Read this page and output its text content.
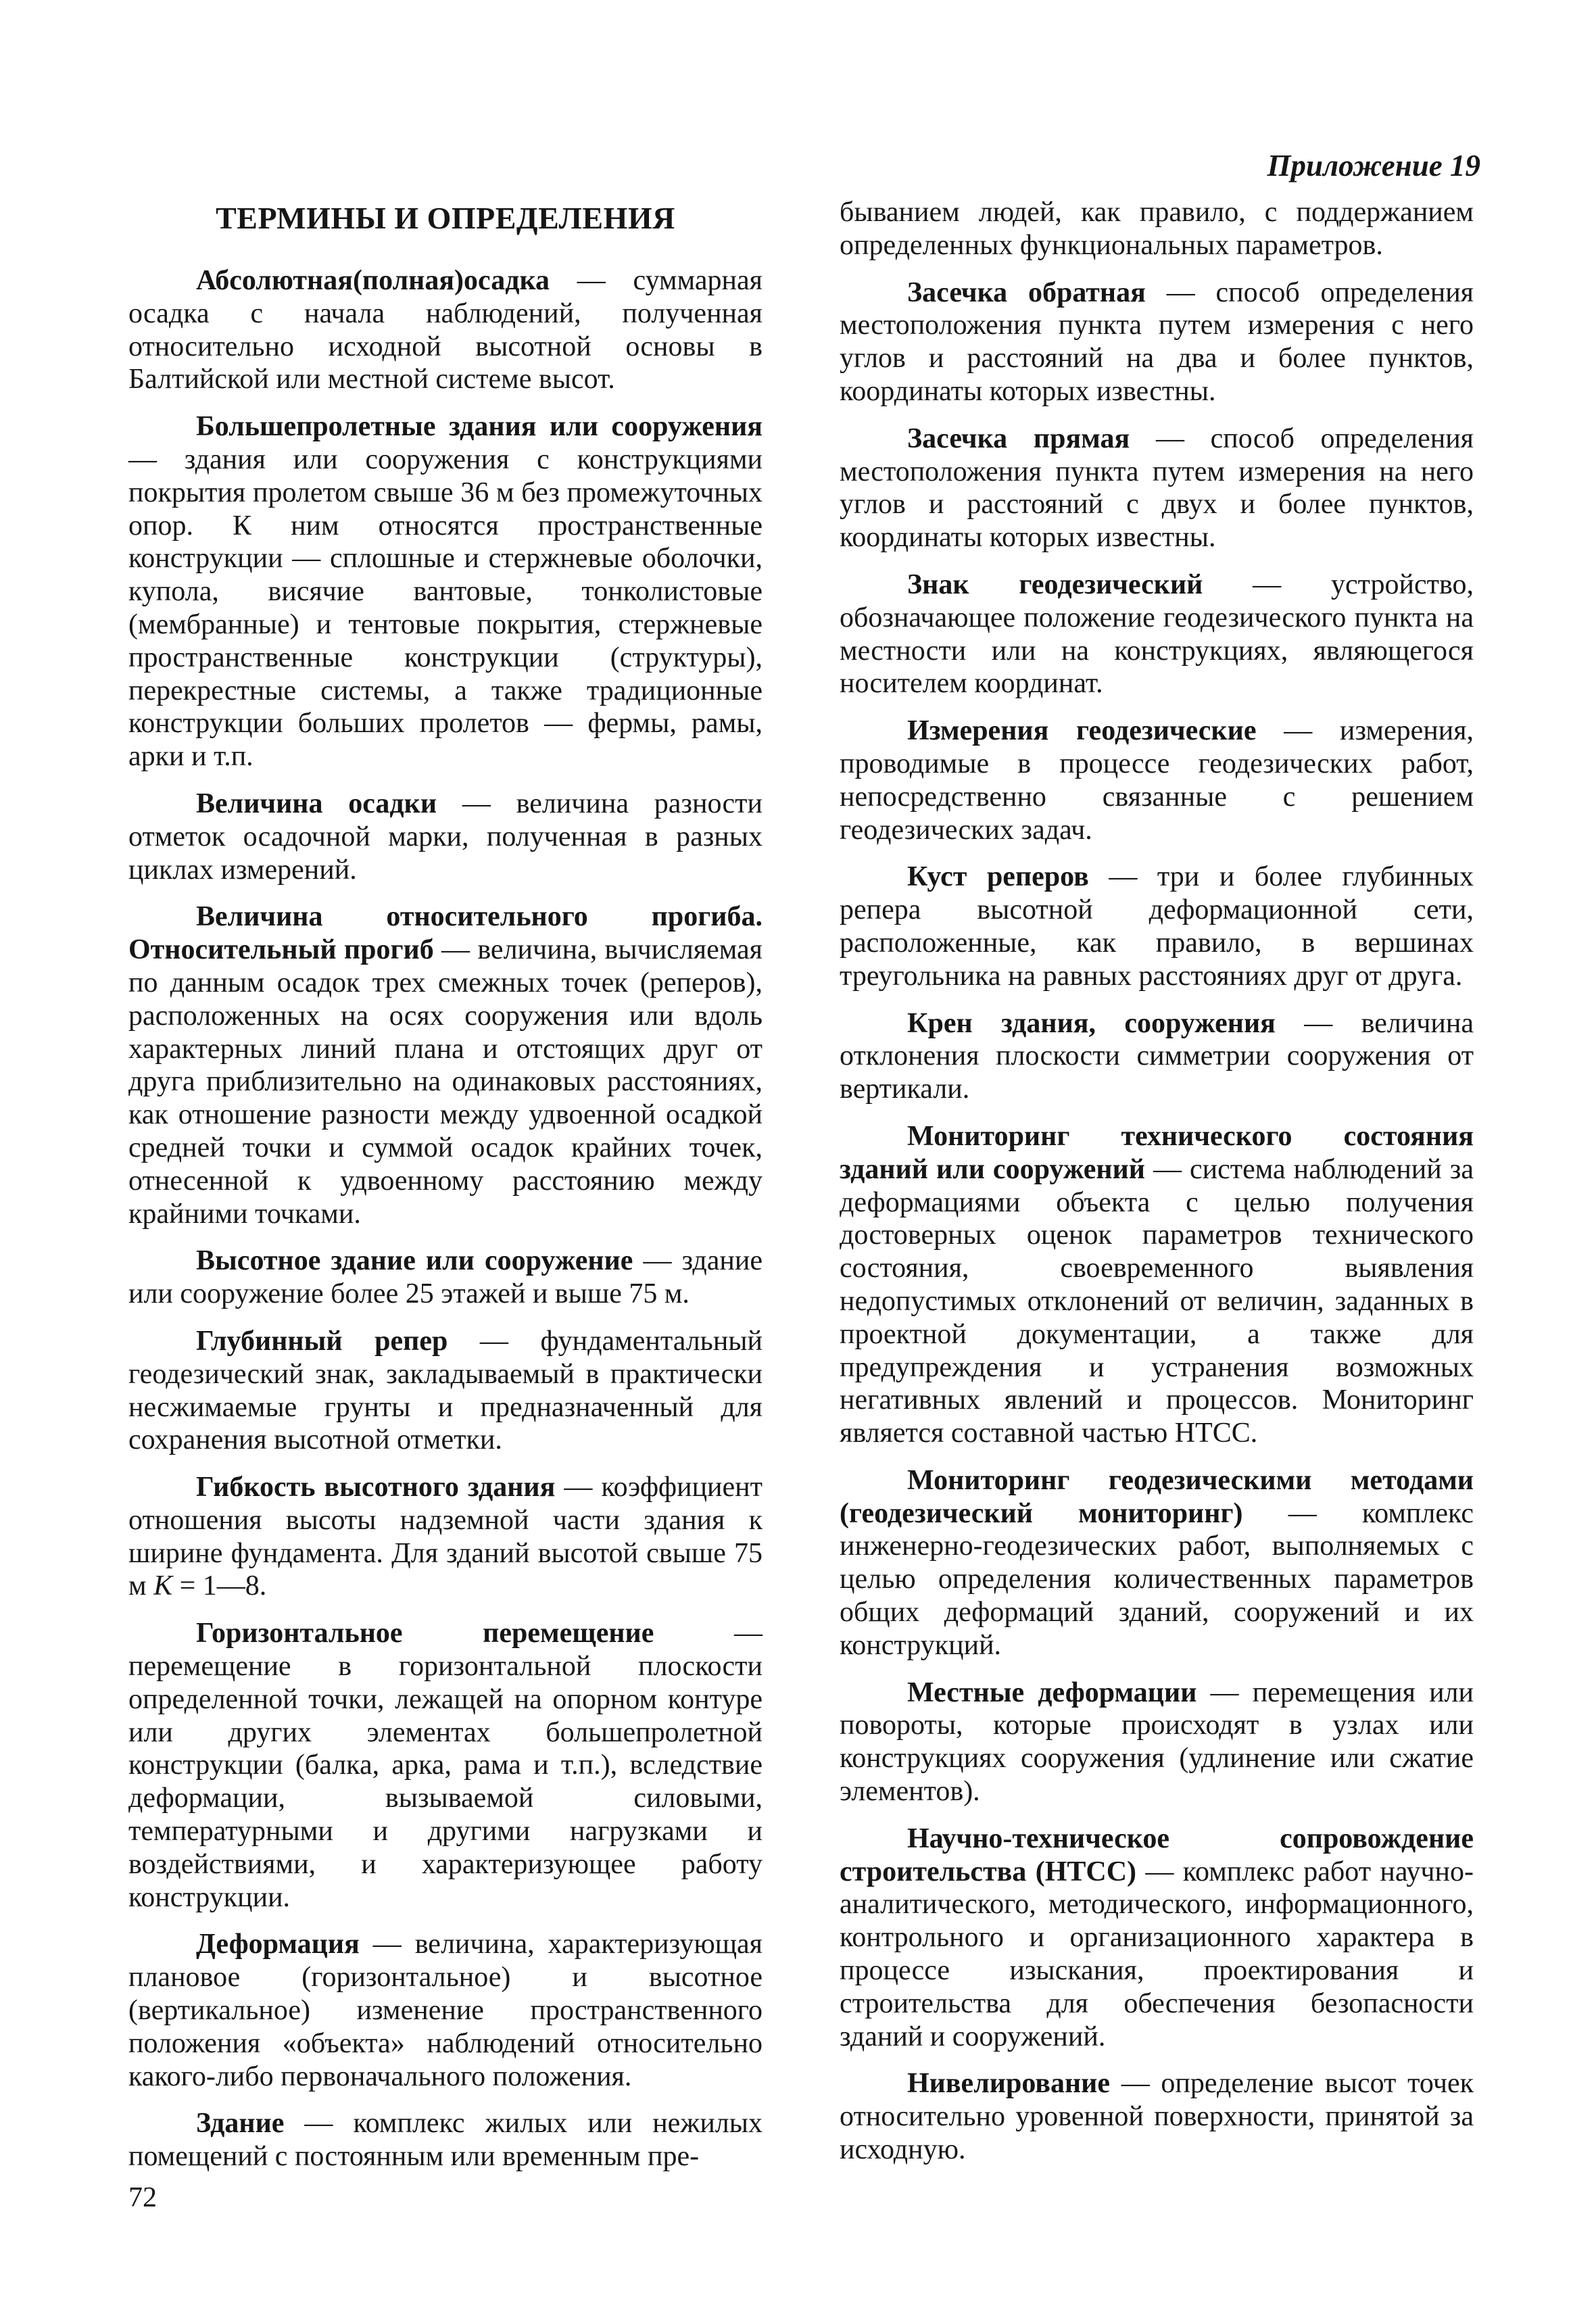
Приложение 19

ТЕРМИНЫ И ОПРЕДЕЛЕНИЯ

Абсолютная(полная)осадка — суммарная осадка с начала наблюдений, полученная относительно исходной высотной основы в Балтийской или местной системе высот.

Большепролетные здания или сооружения — здания или сооружения с конструкциями покрытия пролетом свыше 36 м без промежуточных опор. К ним относятся пространственные конструкции — сплошные и стержневые оболочки, купола, висячие вантовые, тонколистовые (мембранные) и тентовые покрытия, стержневые пространственные конструкции (структуры), перекрестные системы, а также традиционные конструкции больших пролетов — фермы, рамы, арки и т.п.

Величина осадки — величина разности отметок осадочной марки, полученная в разных циклах измерений.

Величина относительного прогиба. Относительный прогиб — величина, вычисляемая по данным осадок трех смежных точек (реперов), расположенных на осях сооружения или вдоль характерных линий плана и отстоящих друг от друга приблизительно на одинаковых расстояниях, как отношение разности между удвоенной осадкой средней точки и суммой осадок крайних точек, отнесенной к удвоенному расстоянию между крайними точками.

Высотное здание или сооружение — здание или сооружение более 25 этажей и выше 75 м.

Глубинный репер — фундаментальный геодезический знак, закладываемый в практически несжимаемые грунты и предназначенный для сохранения высотной отметки.

Гибкость высотного здания — коэффициент отношения высоты надземной части здания к ширине фундамента. Для зданий высотой свыше 75 м K = 1—8.

Горизонтальное перемещение — перемещение в горизонтальной плоскости определенной точки, лежащей на опорном контуре или других элементах большепролетной конструкции (балка, арка, рама и т.п.), вследствие деформации, вызываемой силовыми, температурными и другими нагрузками и воздействиями, и характеризующее работу конструкции.

Деформация — величина, характеризующая плановое (горизонтальное) и высотное (вертикальное) изменение пространственного положения «объекта» наблюдений относительно какого-либо первоначального положения.

Здание — комплекс жилых или нежилых помещений с постоянным или временным пре-

быванием людей, как правило, с поддержанием определенных функциональных параметров.

Засечка обратная — способ определения местоположения пункта путем измерения с него углов и расстояний на два и более пунктов, координаты которых известны.

Засечка прямая — способ определения местоположения пункта путем измерения на него углов и расстояний с двух и более пунктов, координаты которых известны.

Знак геодезический — устройство, обозначающее положение геодезического пункта на местности или на конструкциях, являющегося носителем координат.

Измерения геодезические — измерения, проводимые в процессе геодезических работ, непосредственно связанные с решением геодезических задач.

Куст реперов — три и более глубинных репера высотной деформационной сети, расположенные, как правило, в вершинах треугольника на равных расстояниях друг от друга.

Крен здания, сооружения — величина отклонения плоскости симметрии сооружения от вертикали.

Мониторинг технического состояния зданий или сооружений — система наблюдений за деформациями объекта с целью получения достоверных оценок параметров технического состояния, своевременного выявления недопустимых отклонений от величин, заданных в проектной документации, а также для предупреждения и устранения возможных негативных явлений и процессов. Мониторинг является составной частью НТСС.

Мониторинг геодезическими методами (геодезический мониторинг) — комплекс инженерно-геодезических работ, выполняемых с целью определения количественных параметров общих деформаций зданий, сооружений и их конструкций.

Местные деформации — перемещения или повороты, которые происходят в узлах или конструкциях сооружения (удлинение или сжатие элементов).

Научно-техническое сопровождение строительства (НТСС) — комплекс работ научно-аналитического, методического, информационного, контрольного и организационного характера в процессе изыскания, проектирования и строительства для обеспечения безопасности зданий и сооружений.

Нивелирование — определение высот точек относительно уровенной поверхности, принятой за исходную.

72
